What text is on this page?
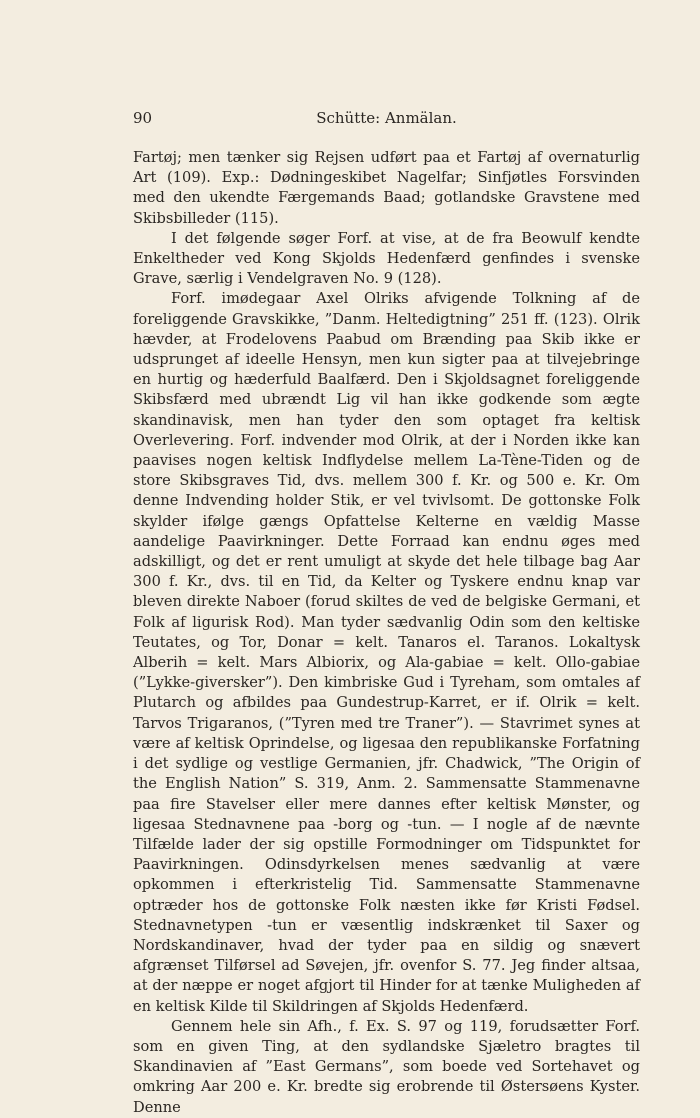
90	Schütte: Anmälan.

Fartøj; men tænker sig Rejsen udført paa et Fartøj af overnaturlig Art (109). Exp.: Dødningeskibet Nagelfar; Sinfjøtles Forsvinden med den ukendte Færgemands Baad; gotlandske Gravstene med Skibsbilleder (115).

I det følgende søger Forf. at vise, at de fra Beowulf kendte Enkeltheder ved Kong Skjolds Hedenfærd genfindes i svenske Grave, særlig i Vendelgraven No. 9 (128).

Forf. imødegaar Axel Olriks afvigende Tolkning af de foreliggende Gravskikke, ”Danm. Heltedigtning” 251 ff. (123). Olrik hævder, at Frodelovens Paabud om Brænding paa Skib ikke er udsprunget af ideelle Hensyn, men kun sigter paa at tilvejebringe en hurtig og hæderfuld Baalfærd. Den i Skjoldsagnet foreliggende Skibsfærd med ubrændt Lig vil han ikke godkende som ægte skandinavisk, men han tyder den som optaget fra keltisk Overlevering. Forf. indvender mod Olrik, at der i Norden ikke kan paavises nogen keltisk Indflydelse mellem La-Tène-Tiden og de store Skibsgraves Tid, dvs. mellem 300 f. Kr. og 500 e. Kr. Om denne Indvending holder Stik, er vel tvivlsomt. De gottonske Folk skylder ifølge gængs Opfattelse Kelterne en vældig Masse aandelige Paavirkninger. Dette Forraad kan endnu øges med adskilligt, og det er rent umuligt at skyde det hele tilbage bag Aar 300 f. Kr., dvs. til en Tid, da Kelter og Tyskere endnu knap var bleven direkte Naboer (forud skiltes de ved de belgiske Germani, et Folk af ligurisk Rod). Man tyder sædvanlig Odin som den keltiske Teutates, og Tor, Donar = kelt. Tanaros el. Taranos. Lokaltysk Alberih = kelt. Mars Albiorix, og Ala-gabiae = kelt. Ollo-gabiae (”Lykke-giversker”). Den kimbriske Gud i Tyreham, som omtales af Plutarch og afbildes paa Gundestrup-Karret, er if. Olrik = kelt. Tarvos Trigaranos, (”Tyren med tre Traner”). — Stavrimet synes at være af keltisk Oprindelse, og ligesaa den republikanske Forfatning i det sydlige og vestlige Germanien, jfr. Chadwick, ”The Origin of the English Nation” S. 319, Anm. 2. Sammensatte Stammenavne paa fire Stavelser eller mere dannes efter keltisk Mønster, og ligesaa Stednavnene paa -borg og -tun. — I nogle af de nævnte Tilfælde lader der sig opstille Formodninger om Tidspunktet for Paavirkningen. Odinsdyrkelsen menes sædvanlig at være opkommen i efterkristelig Tid. Sammensatte Stammenavne optræder hos de gottonske Folk næsten ikke før Kristi Fødsel. Stednavnetypen -tun er væsentlig indskrænket til Saxer og Nordskandinaver, hvad der tyder paa en sildig og snævert afgrænset Tilførsel ad Søvejen, jfr. ovenfor S. 77. Jeg finder altsaa, at der næppe er noget afgjort til Hinder for at tænke Muligheden af en keltisk Kilde til Skildringen af Skjolds Hedenfærd.

Gennem hele sin Afh., f. Ex. S. 97 og 119, forudsætter Forf. som en given Ting, at den sydlandske Sjæletro bragtes til Skandinavien af ”East Germans”, som boede ved Sortehavet og omkring Aar 200 e. Kr. bredte sig erobrende til Østersøens Kyster. Denne
